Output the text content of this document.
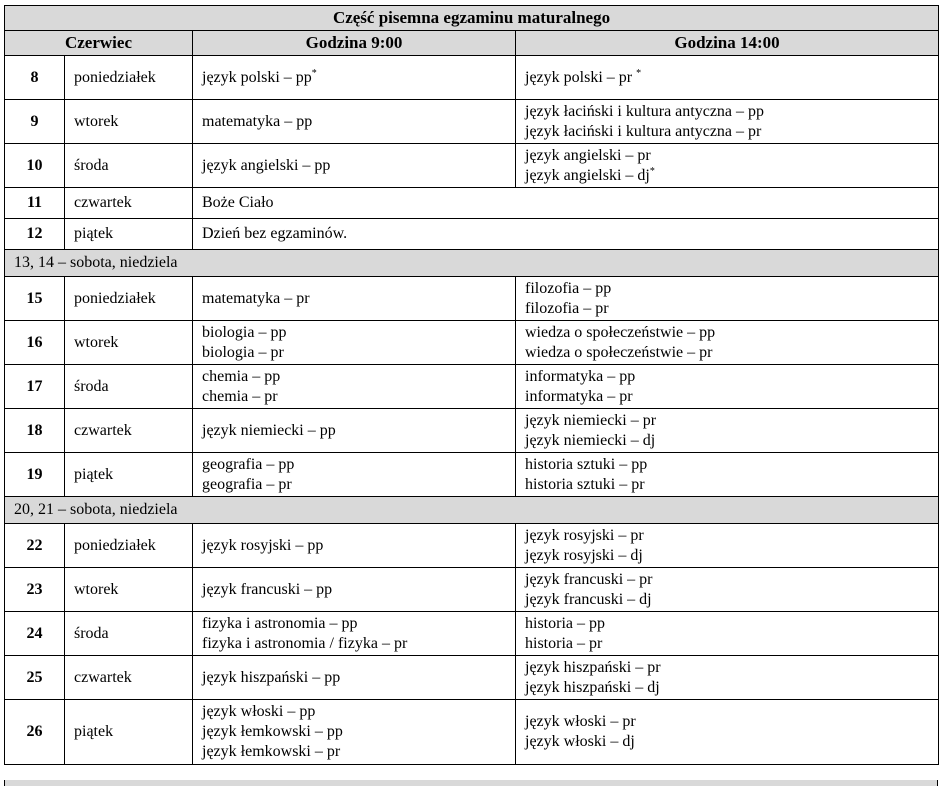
Część pisemna egzaminu maturalnego			
Czerwiec		Godzina 9:00	Godzina 14:00
8	poniedziałek	język polski – pp*	język polski – pr *

9	wtorek	matematyka – pp	język łaciński i kultura antyczna – pp
język łaciński i kultura antyczna – pr

10	środa	język angielski – pp	język angielski – pr
język angielski – dj*

11	czwartek	Boże Ciało	
12	piątek	Dzień bez egzaminów.	
13, 14 – sobota, niedziela			
15	poniedziałek	matematyka – pr	filozofia – pp
filozofia – pr

16	wtorek	biologia – pp
biologia – pr	wiedza o społeczeństwie – pp
wiedza o społeczeństwie – pr

17	środa	chemia – pp
chemia – pr	informatyka – pp
informatyka – pr

18	czwartek	język niemiecki – pp	język niemiecki – pr
język niemiecki – dj

19	piątek	geografia – pp
geografia – pr	historia sztuki – pp
historia sztuki – pr

20, 21 – sobota, niedziela			
22	poniedziałek	język rosyjski – pp	język rosyjski – pr
język rosyjski – dj

23	wtorek	język francuski – pp	język francuski – pr
język francuski – dj

24	środa	fizyka i astronomia – pp
fizyka i astronomia / fizyka – pr	historia – pp
historia – pr

25	czwartek	język hiszpański – pp	język hiszpański – pr
język hiszpański – dj

26	piątek	język włoski – pp
język łemkowski – pp
język łemkowski – pr	język włoski – pr
język włoski – dj
